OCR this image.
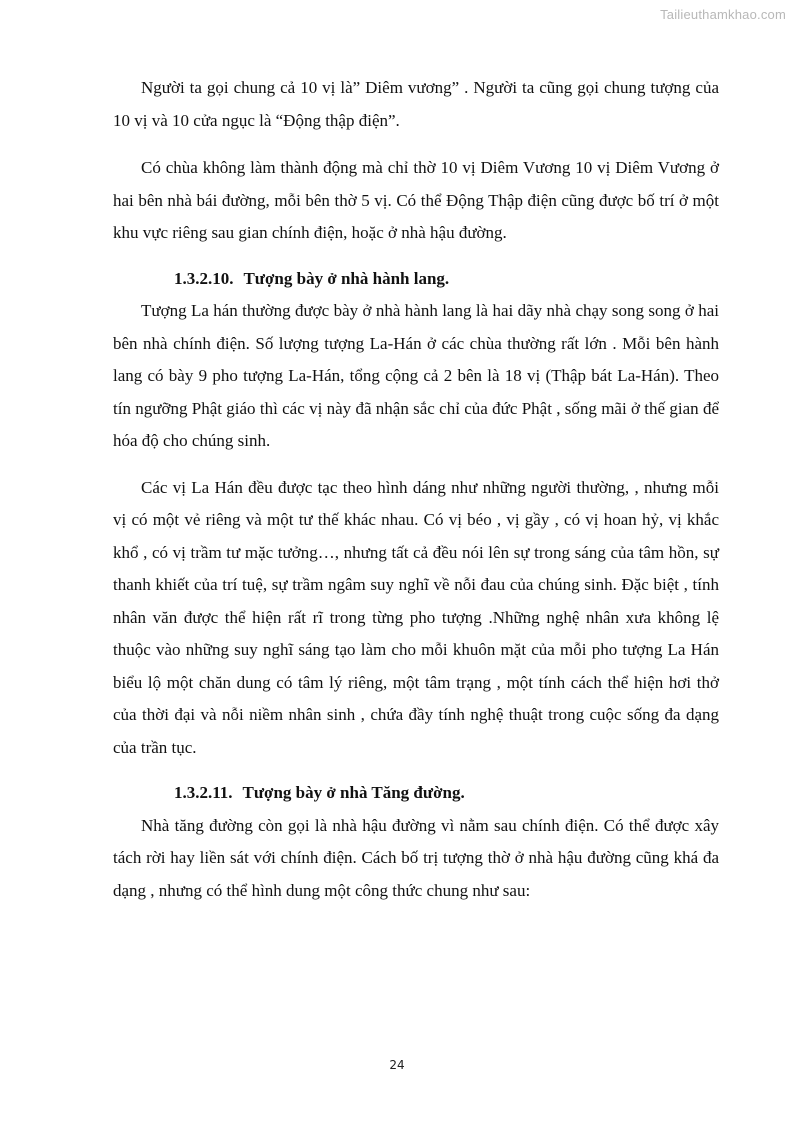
Tailieuthamkhao.com

Người ta gọi chung cả 10 vị là” Diêm vương” . Người ta cũng gọi chung tượng của 10 vị và 10 cửa ngục là “Động thập điện”.

Có chùa không làm thành động mà chỉ thờ 10 vị Diêm Vương 10 vị Diêm Vương ở hai bên nhà bái đường, mỗi bên thờ 5 vị. Có thể Động Thập điện cũng được bố trí ở một khu vực riêng sau gian chính điện, hoặc ở nhà hậu đường.

1.3.2.10. Tượng bày ở nhà hành lang.

Tượng La hán thường được bày ở nhà hành lang là hai dãy nhà chạy song song ở hai bên nhà chính điện. Số lượng tượng La-Hán ở các chùa thường rất lớn . Mỗi bên hành lang có bày 9 pho tượng La-Hán, tổng cộng cả 2 bên là 18 vị (Thập bát La-Hán). Theo tín ngưỡng Phật giáo thì các vị này đã nhận sắc chỉ của đức Phật , sống mãi ở thế gian để hóa độ cho chúng sinh.

Các vị La Hán đều được tạc theo hình dáng như những người thường, , nhưng mỗi vị có một vẻ riêng và một tư thế khác nhau. Có vị béo , vị gầy , có vị hoan hỷ, vị khắc khổ , có vị trầm tư mặc tưởng…, nhưng tất cả đều nói lên sự trong sáng của tâm hồn, sự thanh khiết của trí tuệ, sự trầm ngâm suy nghĩ về nỗi đau của chúng sinh. Đặc biệt , tính nhân văn được thể hiện rất rĩ trong từng pho tượng .Những nghệ nhân xưa không lệ thuộc vào những suy nghĩ sáng tạo làm cho mỗi khuôn mặt của mỗi pho tượng La Hán biểu lộ một chăn dung có tâm lý riêng, một tâm trạng , một tính cách thể hiện hơi thở của thời đại và nỗi niềm nhân sinh , chứa đầy tính nghệ thuật trong cuộc sống đa dạng của trần tục.

1.3.2.11. Tượng bày ở nhà Tăng đường.

Nhà tăng đường còn gọi là nhà hậu đường vì nằm sau chính điện. Có thể được xây tách rời hay liền sát với chính điện. Cách bố trị tượng thờ ở nhà hậu đường cũng khá đa dạng , nhưng có thể hình dung một công thức chung như sau:

24
